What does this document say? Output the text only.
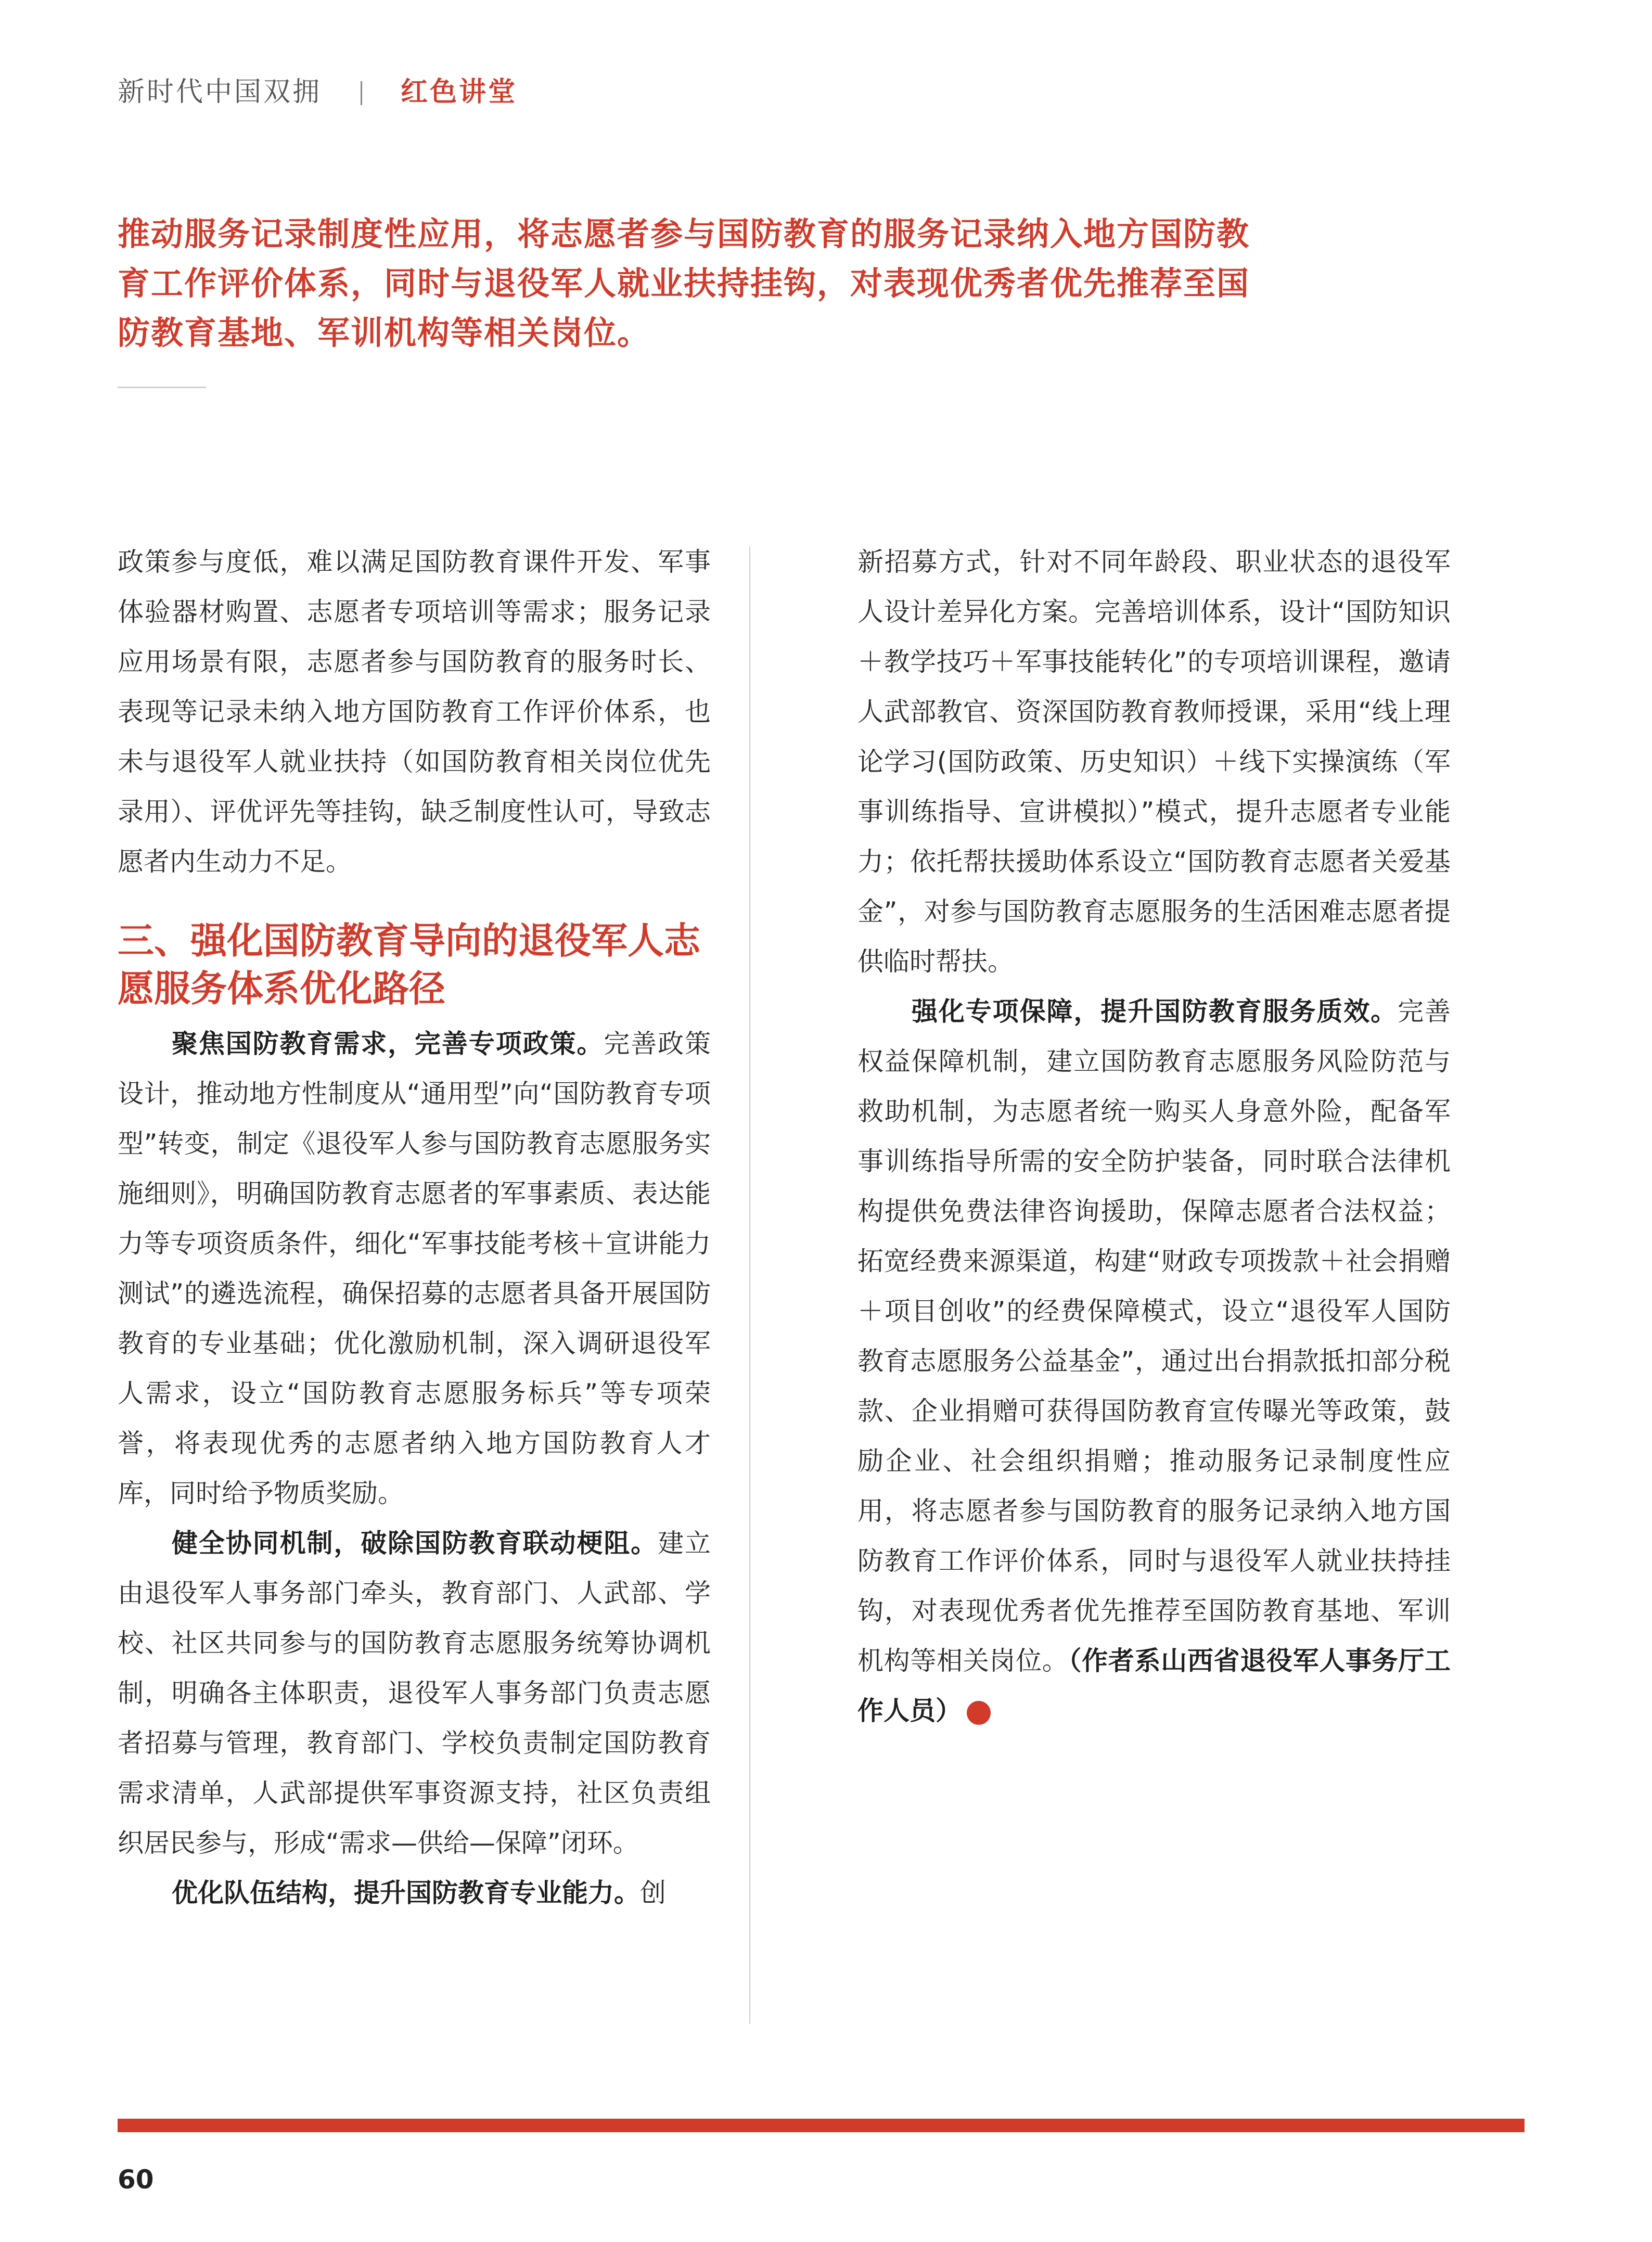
新时代中国双拥	红色讲堂
推动服务记录制度性应用，将志愿者参与国防教育的服务记录纳入地方国防教育工作评价体系，同时与退役军人就业扶持挂钩，对表现优秀者优先推荐至国防教育基地、军训机构等相关岗位。

政策参与度低，难以满足国防教育课件开发、军事体验器材购置、志愿者专项培训等需求；服务记录应用场景有限，志愿者参与国防教育的服务时长、表现等记录未纳入地方国防教育工作评价体系，也未与退役军人就业扶持（如国防教育相关岗位优先录用）、评优评先等挂钩，缺乏制度性认可，导致志愿者内生动力不足。

三、强化国防教育导向的退役军人志愿服务体系优化路径

聚焦国防教育需求，完善专项政策。完善政策设计，推动地方性制度从“通用型”向“国防教育专项型”转变，制定《退役军人参与国防教育志愿服务实施细则》，明确国防教育志愿者的军事素质、表达能力等专项资质条件，细化“军事技能考核＋宣讲能力测试”的遴选流程，确保招募的志愿者具备开展国防教育的专业基础；优化激励机制，深入调研退役军人需求，设立“国防教育志愿服务标兵”等专项荣誉，将表现优秀的志愿者纳入地方国防教育人才库，同时给予物质奖励。

健全协同机制，破除国防教育联动梗阻。建立由退役军人事务部门牵头，教育部门、人武部、学校、社区共同参与的国防教育志愿服务统筹协调机制，明确各主体职责，退役军人事务部门负责志愿者招募与管理，教育部门、学校负责制定国防教育需求清单，人武部提供军事资源支持，社区负责组织居民参与，形成“需求—供给—保障”闭环。

优化队伍结构，提升国防教育专业能力。创

新招募方式，针对不同年龄段、职业状态的退役军人设计差异化方案。完善培训体系，设计“国防知识＋教学技巧＋军事技能转化”的专项培训课程，邀请人武部教官、资深国防教育教师授课，采用“线上理论学习(国防政策、历史知识）＋线下实操演练（军事训练指导、宣讲模拟）”模式，提升志愿者专业能力；依托帮扶援助体系设立“国防教育志愿者关爱基金”，对参与国防教育志愿服务的生活困难志愿者提供临时帮扶。

强化专项保障，提升国防教育服务质效。完善权益保障机制，建立国防教育志愿服务风险防范与救助机制，为志愿者统一购买人身意外险，配备军事训练指导所需的安全防护装备，同时联合法律机构提供免费法律咨询援助，保障志愿者合法权益；拓宽经费来源渠道，构建“财政专项拨款＋社会捐赠＋项目创收”的经费保障模式，设立“退役军人国防教育志愿服务公益基金”，通过出台捐款抵扣部分税款、企业捐赠可获得国防教育宣传曝光等政策，鼓励企业、社会组织捐赠；推动服务记录制度性应用，将志愿者参与国防教育的服务记录纳入地方国防教育工作评价体系，同时与退役军人就业扶持挂钩，对表现优秀者优先推荐至国防教育基地、军训机构等相关岗位。（作者系山西省退役军人事务厅工作人员）	N

60
